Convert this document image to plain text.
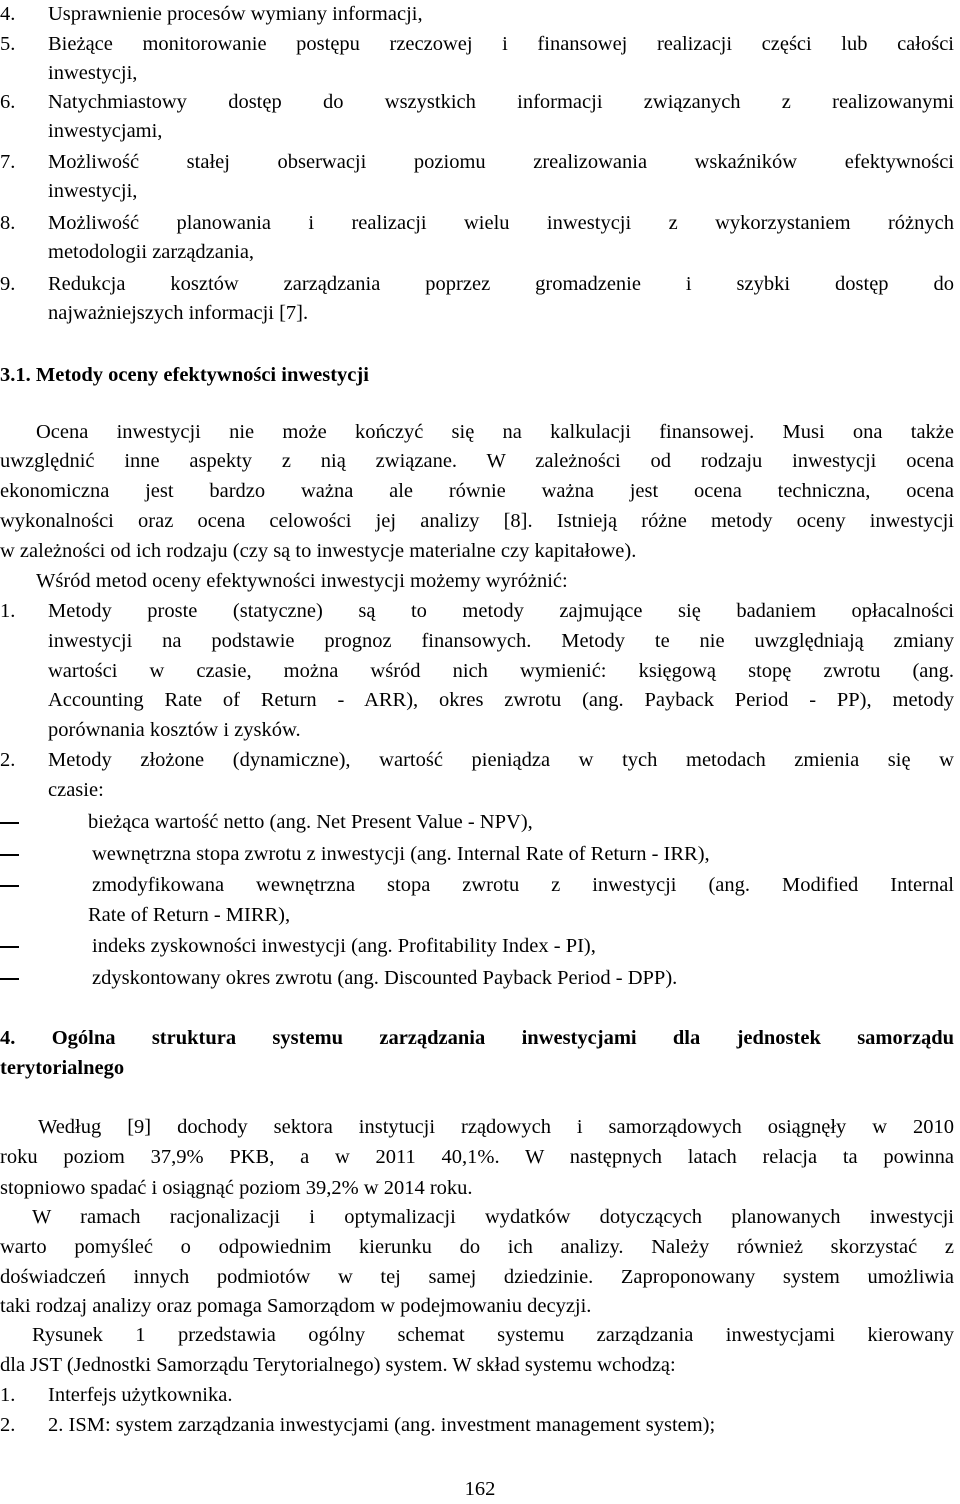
4. Usprawnienie procesów wymiany informacji,
5. Bieżące monitorowanie postępu rzeczowej i finansowej realizacji części lub całości
inwestycji,
6. Natychmiastowy dostęp do wszystkich informacji związanych z realizowanymi
inwestycjami,
7. Możliwość stałej obserwacji poziomu zrealizowania wskaźników efektywności
inwestycji,
8. Możliwość planowania i realizacji wielu inwestycji z wykorzystaniem różnych
metodologii zarządzania,
9. Redukcja kosztów zarządzania poprzez gromadzenie i szybki dostęp do
najważniejszych informacji [7].
3.1. Metody oceny efektywności inwestycji
Ocena inwestycji nie może kończyć się na kalkulacji finansowej. Musi ona także
uwzględnić inne aspekty z nią związane. W zależności od rodzaju inwestycji ocena
ekonomiczna jest bardzo ważna ale równie ważna jest ocena techniczna, ocena
wykonalności oraz ocena celowości jej analizy [8]. Istnieją różne metody oceny inwestycji
w zależności od ich rodzaju (czy są to inwestycje materialne czy kapitałowe).
Wśród metod oceny efektywności inwestycji możemy wyróżnić:
1. Metody proste (statyczne) są to metody zajmujące się badaniem opłacalności
inwestycji na podstawie prognoz finansowych. Metody te nie uwzględniają zmiany
wartości w czasie, można wśród nich wymienić: księgową stopę zwrotu (ang.
Accounting Rate of Return - ARR), okres zwrotu (ang. Payback Period - PP), metody
porównania kosztów i zysków.
2. Metody złożone (dynamiczne), wartość pieniądza w tych metodach zmienia się w
czasie:
bieżąca wartość netto (ang. Net Present Value - NPV),
wewnętrzna stopa zwrotu z inwestycji (ang. Internal Rate of Return - IRR),
zmodyfikowana wewnętrzna stopa zwrotu z inwestycji (ang. Modified Internal
Rate of Return - MIRR),
indeks zyskowności inwestycji (ang. Profitability Index - PI),
zdyskontowany okres zwrotu (ang. Discounted Payback Period - DPP).
4. Ogólna struktura systemu zarządzania inwestycjami dla jednostek samorządu
terytorialnego
Według [9] dochody sektora instytucji rządowych i samorządowych osiągnęły w 2010
roku poziom 37,9% PKB, a w 2011 40,1%. W następnych latach relacja ta powinna
stopniowo spadać i osiągnąć poziom 39,2% w 2014 roku.
W ramach racjonalizacji i optymalizacji wydatków dotyczących planowanych inwestycji
warto pomyśleć o odpowiednim kierunku do ich analizy. Należy również skorzystać z
doświadczeń innych podmiotów w tej samej dziedzinie. Zaproponowany system umożliwia
taki rodzaj analizy oraz pomaga Samorządom w podejmowaniu decyzji.
Rysunek 1 przedstawia ogólny schemat systemu zarządzania inwestycjami kierowany
dla JST (Jednostki Samorządu Terytorialnego) system. W skład systemu wchodzą:
1. Interfejs użytkownika.
2. 2. ISM: system zarządzania inwestycjami (ang. investment management system);
162
